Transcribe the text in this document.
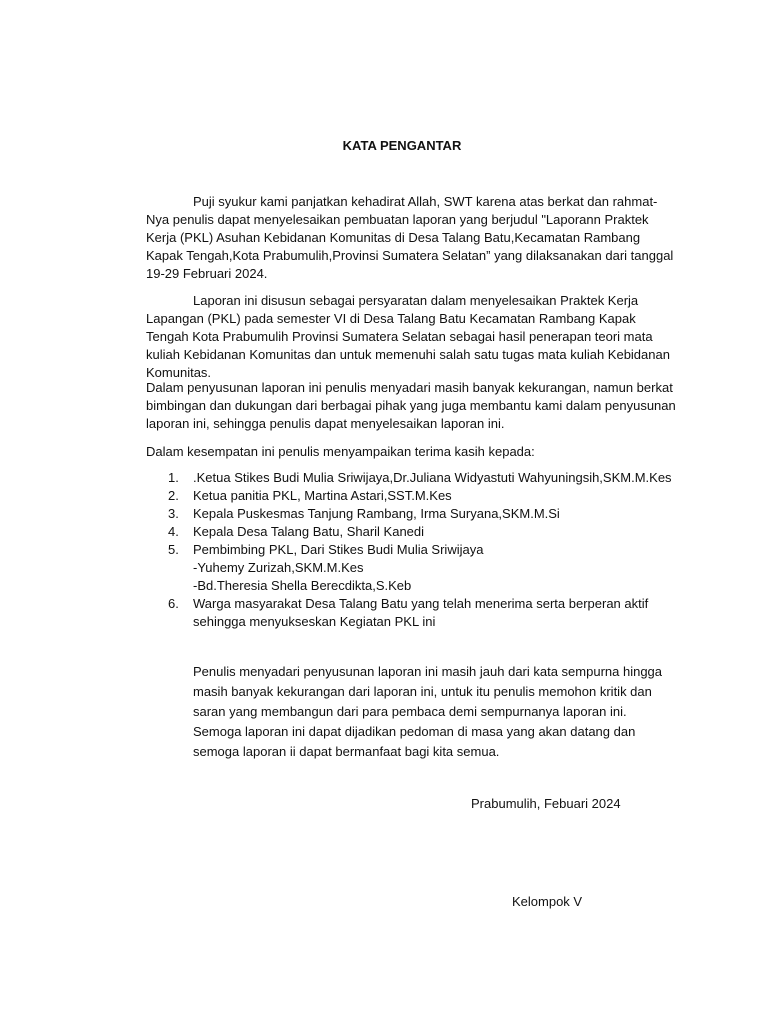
KATA PENGANTAR

Puji syukur kami panjatkan kehadirat Allah, SWT karena atas berkat dan rahmat-Nya penulis dapat menyelesaikan pembuatan laporan yang berjudul "Laporann Praktek Kerja (PKL) Asuhan Kebidanan Komunitas di Desa Talang Batu,Kecamatan Rambang Kapak Tengah,Kota Prabumulih,Provinsi Sumatera Selatan” yang dilaksanakan dari tanggal 19-29 Februari 2024.

Laporan ini disusun sebagai persyaratan dalam menyelesaikan Praktek Kerja Lapangan (PKL) pada semester VI di Desa Talang Batu Kecamatan Rambang Kapak Tengah Kota Prabumulih Provinsi Sumatera Selatan sebagai hasil penerapan teori mata kuliah Kebidanan Komunitas dan untuk memenuhi salah satu tugas mata kuliah Kebidanan Komunitas.

Dalam penyusunan laporan ini penulis menyadari masih banyak kekurangan, namun berkat bimbingan dan dukungan dari berbagai pihak yang juga membantu kami dalam penyusunan laporan ini, sehingga penulis dapat menyelesaikan laporan ini.

Dalam kesempatan ini penulis menyampaikan terima kasih kepada:

1. .Ketua Stikes Budi Mulia Sriwijaya,Dr.Juliana Widyastuti Wahyuningsih,SKM.M.Kes
2. Ketua panitia PKL, Martina Astari,SST.M.Kes
3. Kepala Puskesmas Tanjung Rambang, Irma Suryana,SKM.M.Si
4. Kepala Desa Talang Batu, Sharil Kanedi
5. Pembimbing PKL, Dari Stikes Budi Mulia Sriwijaya
-Yuhemy Zurizah,SKM.M.Kes
-Bd.Theresia Shella Berecdikta,S.Keb
6. Warga masyarakat Desa Talang Batu yang telah menerima serta berperan aktif sehingga menyukseskan Kegiatan PKL ini

Penulis menyadari penyusunan laporan ini masih jauh dari kata sempurna hingga masih banyak kekurangan dari laporan ini, untuk itu penulis memohon kritik dan saran yang membangun dari para pembaca demi sempurnanya laporan ini. Semoga laporan ini dapat dijadikan pedoman di masa yang akan datang dan semoga laporan ii dapat bermanfaat bagi kita semua.

Prabumulih, Febuari 2024
Kelompok V
